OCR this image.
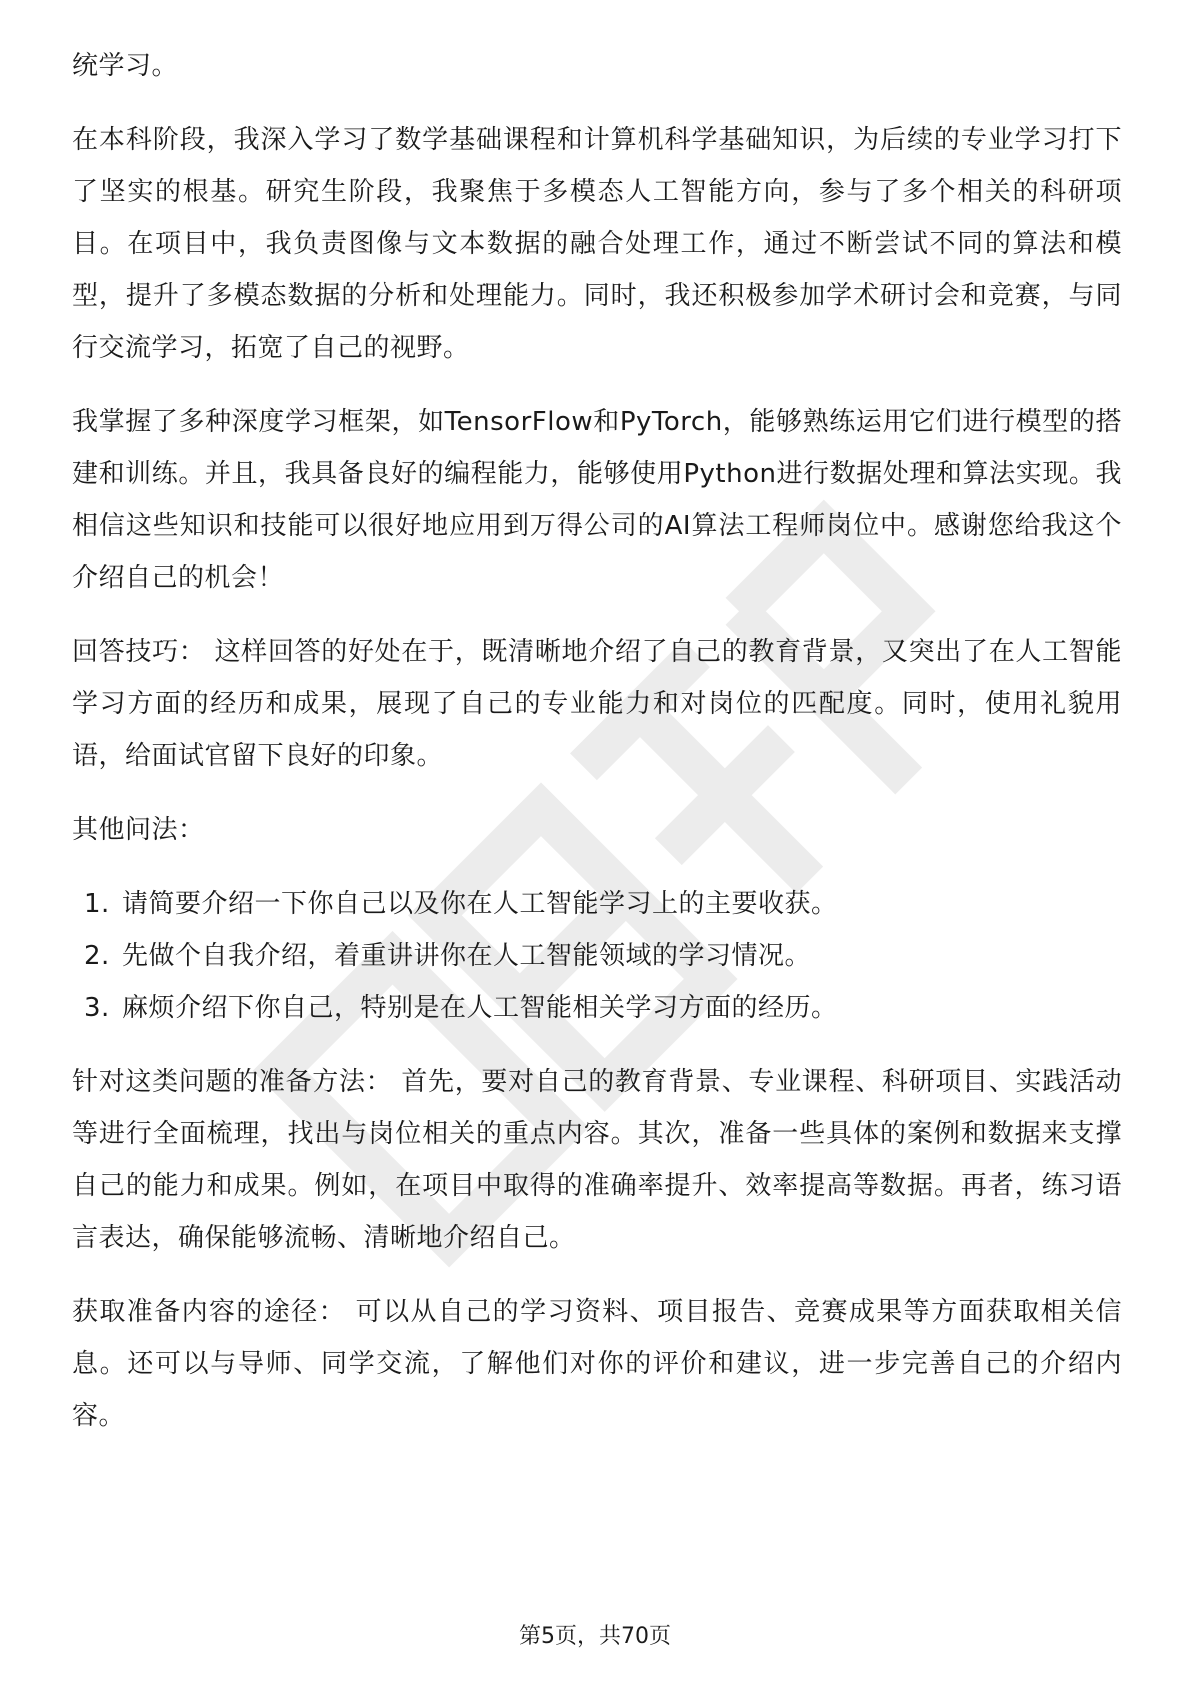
统学习。

在本科阶段，我深入学习了数学基础课程和计算机科学基础知识，为后续的专业学习打下了坚实的根基。研究生阶段，我聚焦于多模态人工智能方向，参与了多个相关的科研项目。在项目中，我负责图像与文本数据的融合处理工作，通过不断尝试不同的算法和模型，提升了多模态数据的分析和处理能力。同时，我还积极参加学术研讨会和竞赛，与同行交流学习，拓宽了自己的视野。

我掌握了多种深度学习框架，如TensorFlow和PyTorch，能够熟练运用它们进行模型的搭建和训练。并且，我具备良好的编程能力，能够使用Python进行数据处理和算法实现。我相信这些知识和技能可以很好地应用到万得公司的AI算法工程师岗位中。感谢您给我这个介绍自己的机会！

回答技巧： 这样回答的好处在于，既清晰地介绍了自己的教育背景，又突出了在人工智能学习方面的经历和成果，展现了自己的专业能力和对岗位的匹配度。同时，使用礼貌用语，给面试官留下良好的印象。

其他问法：

1. 请简要介绍一下你自己以及你在人工智能学习上的主要收获。
2. 先做个自我介绍，着重讲讲你在人工智能领域的学习情况。
3. 麻烦介绍下你自己，特别是在人工智能相关学习方面的经历。

针对这类问题的准备方法： 首先，要对自己的教育背景、专业课程、科研项目、实践活动等进行全面梳理，找出与岗位相关的重点内容。其次，准备一些具体的案例和数据来支撑自己的能力和成果。例如，在项目中取得的准确率提升、效率提高等数据。再者，练习语言表达，确保能够流畅、清晰地介绍自己。

获取准备内容的途径： 可以从自己的学习资料、项目报告、竞赛成果等方面获取相关信息。还可以与导师、同学交流，了解他们对你的评价和建议，进一步完善自己的介绍内容。

第5页，共70页
